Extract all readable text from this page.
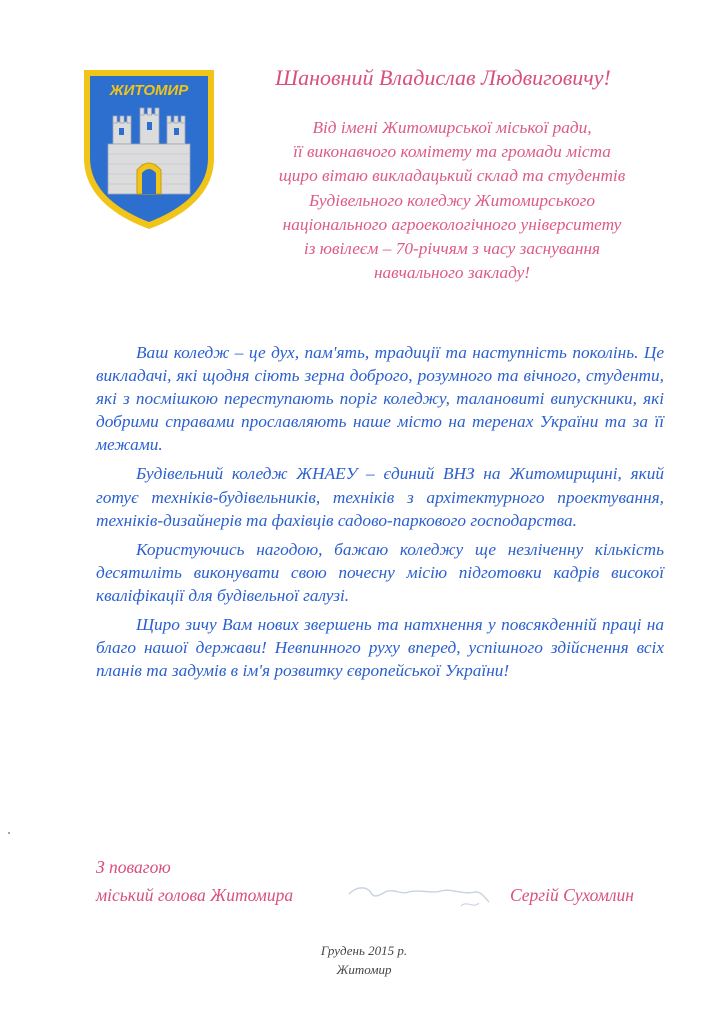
ЖИТОМИР
Шановний Владислав Людвиговичу!
Від імені Житомирської міської ради,
її виконавчого комітету та громади міста
щиро вітаю викладацький склад та студентів
Будівельного коледжу Житомирського
національного агроекологічного університету
із ювілеєм – 70-річчям з часу заснування
навчального закладу!

Ваш коледж – це дух, пам'ять, традиції та наступність поколінь. Це викладачі, які щодня сіють зерна доброго, розумного та вічного, студенти, які з посмішкою переступають поріг коледжу, талановиті випускники, які добрими справами прославляють наше місто на теренах України та за її межами.

Будівельний коледж ЖНАЕУ – єдиний ВНЗ на Житомирщині, який готує техніків-будівельників, техніків з архітектурного проектування, техніків-дизайнерів та фахівців садово-паркового господарства.

Користуючись нагодою, бажаю коледжу ще незліченну кількість десятиліть виконувати свою почесну місію підготовки кадрів високої кваліфікації для будівельної галузі.

Щиро зичу Вам нових звершень та натхнення у повсякденній праці на благо нашої держави! Невпинного руху вперед, успішного здійснення всіх планів та задумів в ім'я розвитку європейської України!

З повагою
міський голова Житомира	Сергій Сухомлин
Грудень 2015 р.
Житомир
